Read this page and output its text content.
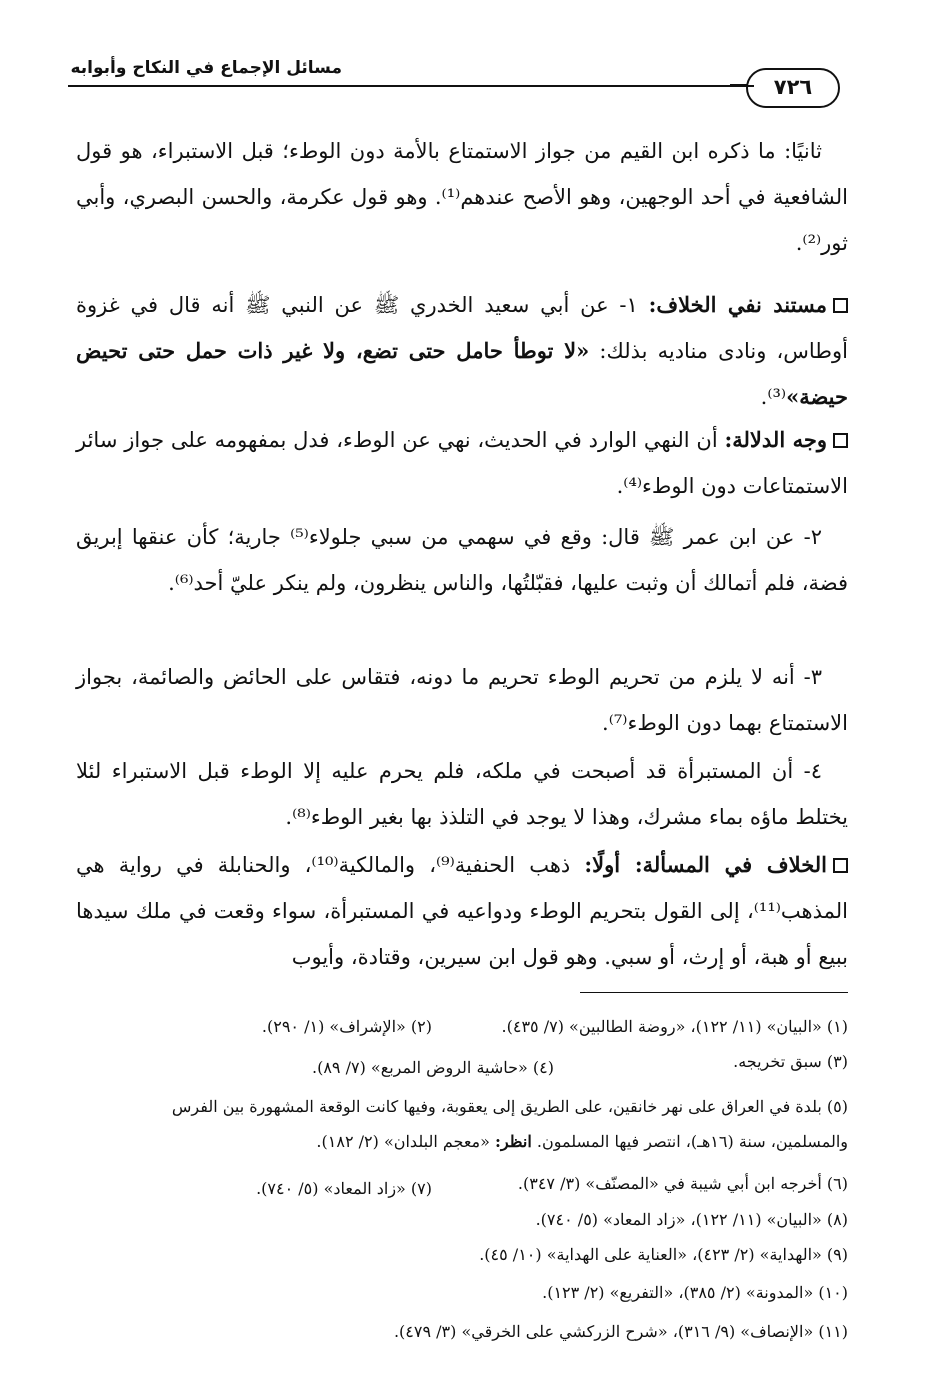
مسائل الإجماع في النكاح وأبوابه
٧٢٦

ثانيًا: ما ذكره ابن القيم من جواز الاستمتاع بالأمة دون الوطء؛ قبل الاستبراء، هو قول الشافعية في أحد الوجهين، وهو الأصح عندهم⁽¹⁾. وهو قول عكرمة، والحسن البصري، وأبي ثور⁽²⁾.

مستند نفي الخلاف: ١- عن أبي سعيد الخدري ﷺ عن النبي ﷺ أنه قال في غزوة أوطاس، ونادى مناديه بذلك: «لا توطأ حامل حتى تضع، ولا غير ذات حمل حتى تحيض حيضة»⁽³⁾.

وجه الدلالة: أن النهي الوارد في الحديث، نهي عن الوطء، فدل بمفهومه على جواز سائر الاستمتاعات دون الوطء⁽⁴⁾.

٢- عن ابن عمر ﷺ قال: وقع في سهمي من سبي جلولاء⁽⁵⁾ جارية؛ كأن عنقها إبريق فضة، فلم أتمالك أن وثبت عليها، فقبّلتُها، والناس ينظرون، ولم ينكر عليّ أحد⁽⁶⁾.

٣- أنه لا يلزم من تحريم الوطء تحريم ما دونه، فتقاس على الحائض والصائمة، بجواز الاستمتاع بهما دون الوطء⁽⁷⁾.

٤- أن المستبرأة قد أصبحت في ملكه، فلم يحرم عليه إلا الوطء قبل الاستبراء لئلا يختلط ماؤه بماء مشرك، وهذا لا يوجد في التلذذ بها بغير الوطء⁽⁸⁾.

الخلاف في المسألة: أولًا: ذهب الحنفية⁽⁹⁾، والمالكية⁽¹⁰⁾، والحنابلة في رواية هي المذهب⁽¹¹⁾، إلى القول بتحريم الوطء ودواعيه في المستبرأة، سواء وقعت في ملك سيدها ببيع أو هبة، أو إرث، أو سبي. وهو قول ابن سيرين، وقتادة، وأيوب

(١) «البيان» (١١/ ١٢٢)، «روضة الطالبين» (٧/ ٤٣٥).
(٢) «الإشراف» (١/ ٢٩٠).
(٣) سبق تخريجه.
(٤) «حاشية الروض المربع» (٧/ ٨٩).
(٥) بلدة في العراق على نهر خانقين، على الطريق إلى يعقوبة، وفيها كانت الوقعة المشهورة بين الفرس
والمسلمين، سنة (١٦هـ)، انتصر فيها المسلمون. انظر: «معجم البلدان» (٢/ ١٨٢).
(٦) أخرجه ابن أبي شيبة في «المصنّف» (٣/ ٣٤٧).
(٧) «زاد المعاد» (٥/ ٧٤٠).
(٨) «البيان» (١١/ ١٢٢)، «زاد المعاد» (٥/ ٧٤٠).
(٩) «الهداية» (٢/ ٤٢٣)، «العناية على الهداية» (١٠/ ٤٥).
(١٠) «المدونة» (٢/ ٣٨٥)، «التفريع» (٢/ ١٢٣).
(١١) «الإنصاف» (٩/ ٣١٦)، «شرح الزركشي على الخرقي» (٣/ ٤٧٩).
